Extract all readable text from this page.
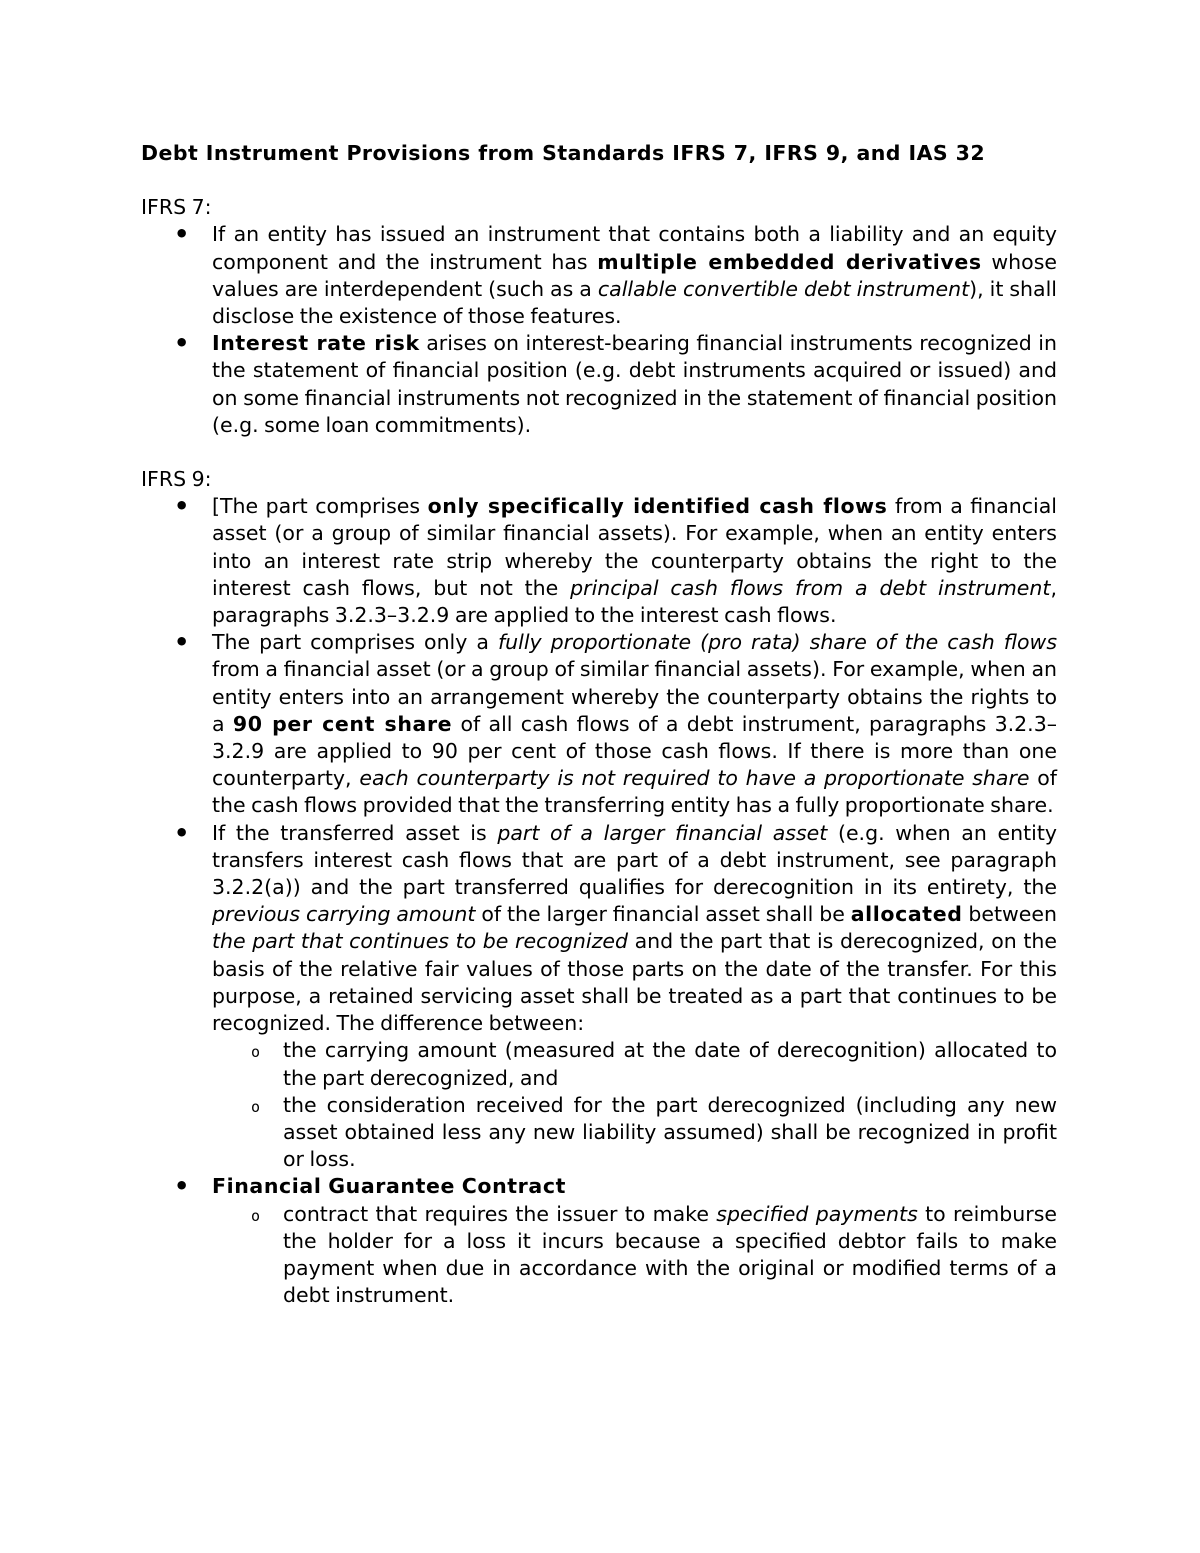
Debt Instrument Provisions from Standards IFRS 7, IFRS 9, and IAS 32

IFRS 7:

• If an entity has issued an instrument that contains both a liability and an equity component and the instrument has multiple embedded derivatives whose values are interdependent (such as a callable convertible debt instrument), it shall disclose the existence of those features.
• Interest rate risk arises on interest-bearing financial instruments recognized in the statement of financial position (e.g. debt instruments acquired or issued) and on some financial instruments not recognized in the statement of financial position (e.g. some loan commitments).

IFRS 9:

• [The part comprises only specifically identified cash flows from a financial asset (or a group of similar financial assets). For example, when an entity enters into an interest rate strip whereby the counterparty obtains the right to the interest cash flows, but not the principal cash flows from a debt instrument, paragraphs 3.2.3–3.2.9 are applied to the interest cash flows.
• The part comprises only a fully proportionate (pro rata) share of the cash flows from a financial asset (or a group of similar financial assets). For example, when an entity enters into an arrangement whereby the counterparty obtains the rights to a 90 per cent share of all cash flows of a debt instrument, paragraphs 3.2.3–3.2.9 are applied to 90 per cent of those cash flows. If there is more than one counterparty, each counterparty is not required to have a proportionate share of the cash flows provided that the transferring entity has a fully proportionate share.
• If the transferred asset is part of a larger financial asset (e.g. when an entity transfers interest cash flows that are part of a debt instrument, see paragraph 3.2.2(a)) and the part transferred qualifies for derecognition in its entirety, the previous carrying amount of the larger financial asset shall be allocated between the part that continues to be recognized and the part that is derecognized, on the basis of the relative fair values of those parts on the date of the transfer. For this purpose, a retained servicing asset shall be treated as a part that continues to be recognized. The difference between:
o the carrying amount (measured at the date of derecognition) allocated to the part derecognized, and
o the consideration received for the part derecognized (including any new asset obtained less any new liability assumed) shall be recognized in profit or loss.
• Financial Guarantee Contract
o contract that requires the issuer to make specified payments to reimburse the holder for a loss it incurs because a specified debtor fails to make payment when due in accordance with the original or modified terms of a debt instrument.
